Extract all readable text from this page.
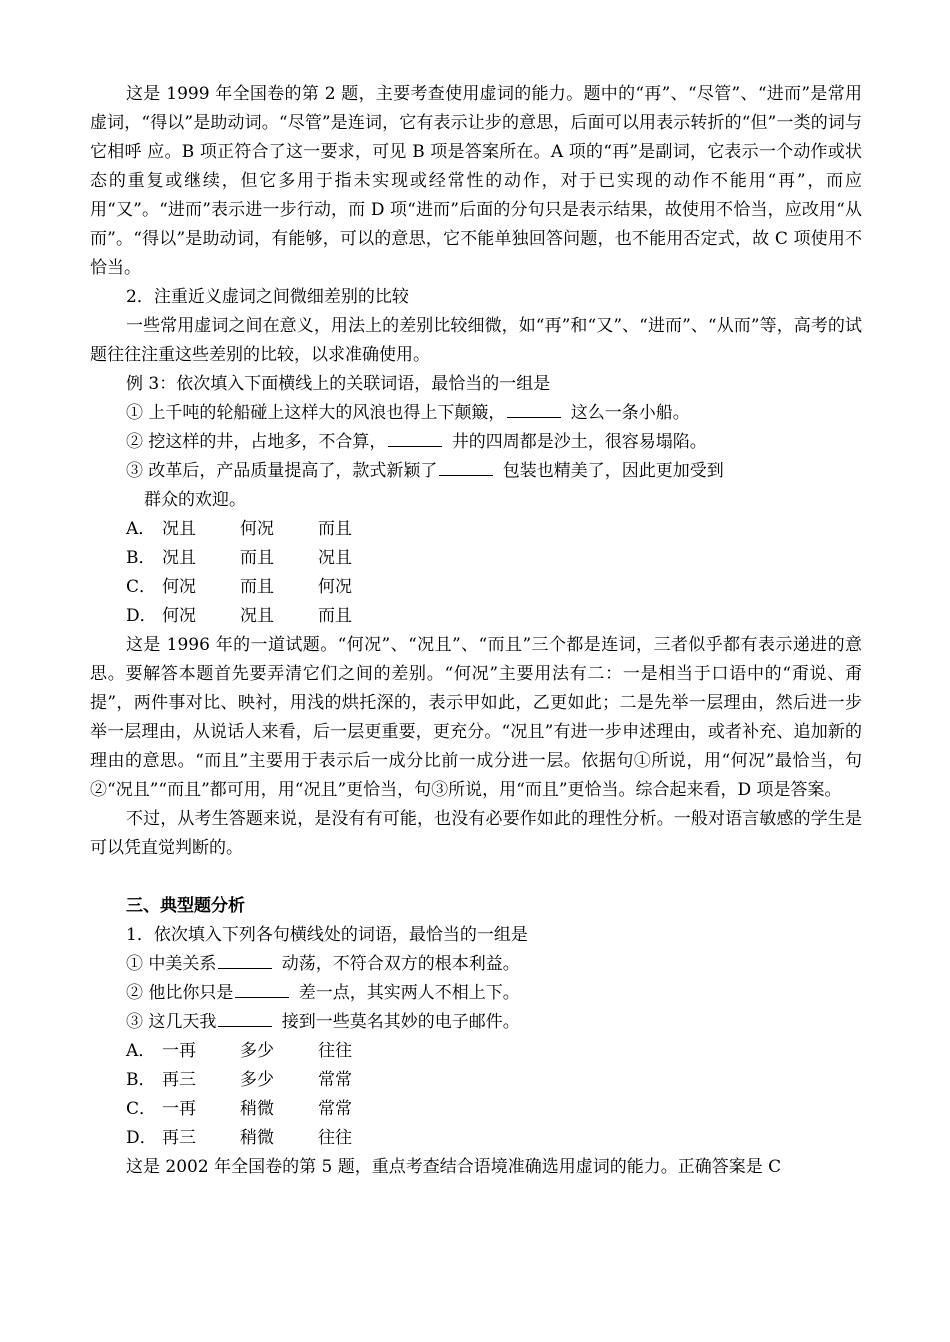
这是 1999 年全国卷的第 2 题，主要考查使用虚词的能力。题中的“再”、“尽管”、“进而”是常用虚词，“得以”是助动词。“尽管”是连词，它有表示让步的意思，后面可以用表示转折的“但”一类的词与它相呼 应。B 项正符合了这一要求，可见 B 项是答案所在。A 项的“再”是副词，它表示一个动作或状态的重复或继续，但它多用于指未实现或经常性的动作，对于已实现的动作不能用“再”，而应用“又”。“进而”表示进一步行动，而 D 项“进而”后面的分句只是表示结果，故使用不恰当，应改用“从而”。“得以”是助动词，有能够，可以的意思，它不能单独回答问题，也不能用否定式，故 C 项使用不恰当。

2．注重近义虚词之间微细差别的比较

一些常用虚词之间在意义，用法上的差别比较细微，如“再”和“又”、“进而”、“从而”等，高考的试题往往注重这些差别的比较，以求准确使用。

例 3：依次填入下面横线上的关联词语，最恰当的一组是

① 上千吨的轮船碰上这样大的风浪也得上下颠簸，	这么一条小船。

② 挖这样的井，占地多，不合算，	井的四周都是沙土，很容易塌陷。

③ 改革后，产品质量提高了，款式新颖了	包装也精美了，因此更加受到

群众的欢迎。

A． 况且	何况	而且

B． 况且	而且	况且

C． 何况	而且	何况

D． 何况	况且	而且

这是 1996 年的一道试题。“何况”、“况且”、“而且”三个都是连词，三者似乎都有表示递进的意思。要解答本题首先要弄清它们之间的差别。“何况”主要用法有二：一是相当于口语中的“甭说、甭提”，两件事对比、映衬，用浅的烘托深的，表示甲如此，乙更如此；二是先举一层理由，然后进一步举一层理由，从说话人来看，后一层更重要，更充分。“况且”有进一步申述理由，或者补充、追加新的理由的意思。“而且”主要用于表示后一成分比前一成分进一层。依据句①所说，用“何况”最恰当，句②“况且”“而且”都可用，用“况且”更恰当，句③所说，用“而且”更恰当。综合起来看，D 项是答案。

不过，从考生答题来说，是没有有可能，也没有必要作如此的理性分析。一般对语言敏感的学生是可以凭直觉判断的。

三、典型题分析

1．依次填入下列各句横线处的词语，最恰当的一组是

① 中美关系	动荡，不符合双方的根本利益。

② 他比你只是	差一点，其实两人不相上下。

③ 这几天我	接到一些莫名其妙的电子邮件。

A． 一再	多少	往往

B． 再三	多少	常常

C． 一再	稍微	常常

D． 再三	稍微	往往

这是 2002 年全国卷的第 5 题，重点考查结合语境准确选用虚词的能力。正确答案是 C
